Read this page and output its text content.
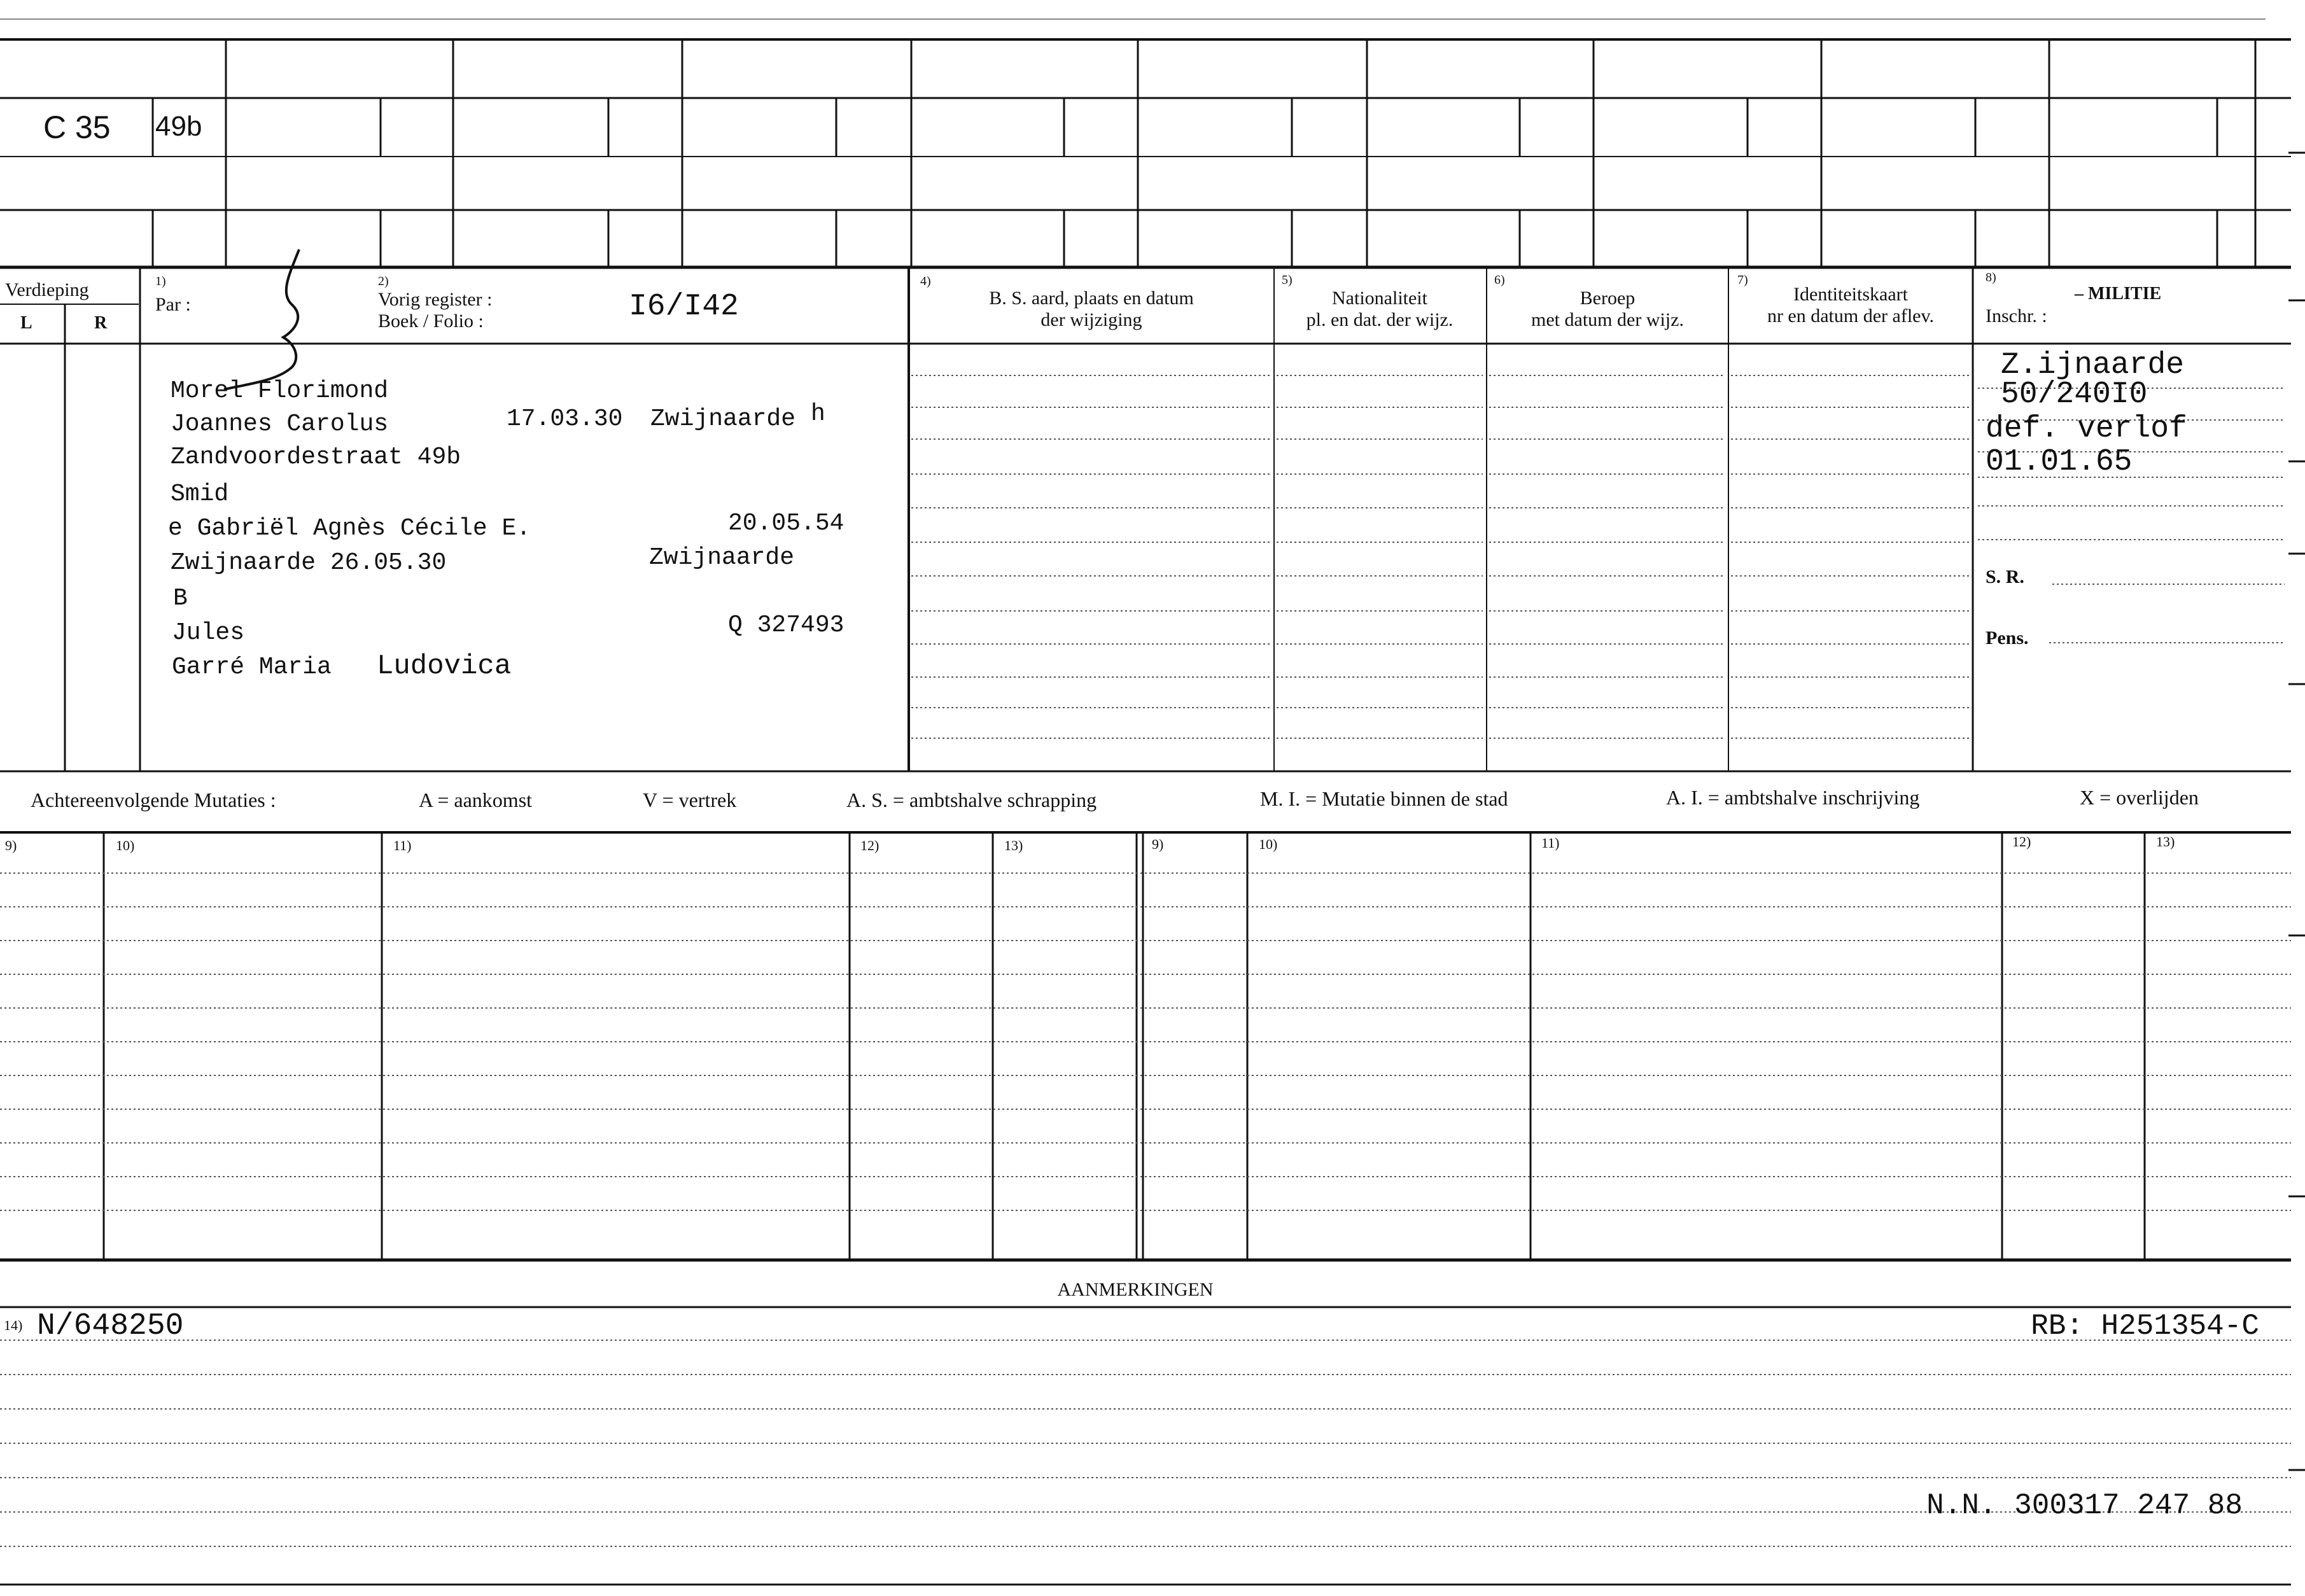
C 35 49b
Verdieping
L	R
1)
Par :
2)
Vorig register :
Boek / Folio :	I6/I42
4)
B. S. aard, plaats en datum
der wijziging
5)
Nationaliteit
pl. en dat. der wijz.
6)
Beroep
met datum der wijz.
7)
Identiteitskaart
nr en datum der aflev.
8)
– MILITIE
Inschr. :
Z.ijnaarde
50/240I0
def. verlof
01.01.65
S. R.
Pens.
Morel Florimond
Joannes Carolus	17.03.30 Zwijnaarde
Zandvoordestraat 49b
h
Smid
e Gabriël Agnès Cécile E.	20.05.54
Zwijnaarde 26.05.30	Zwijnaarde
B
Jules	Q 327493
Garré Maria Ludovica
Achtereenvolgende Mutaties :	A = aankomst	V = vertrek	A. S. = ambtshalve schrapping	M. I. = Mutatie binnen de stad	A. I. = ambtshalve inschrijving	X = overlijden
9)	10)	11)	12)	13)	9)	10)	11)	12)	13)
AANMERKINGEN
14) N/648250	RB: H251354-C
N.N. 300317 247 88
